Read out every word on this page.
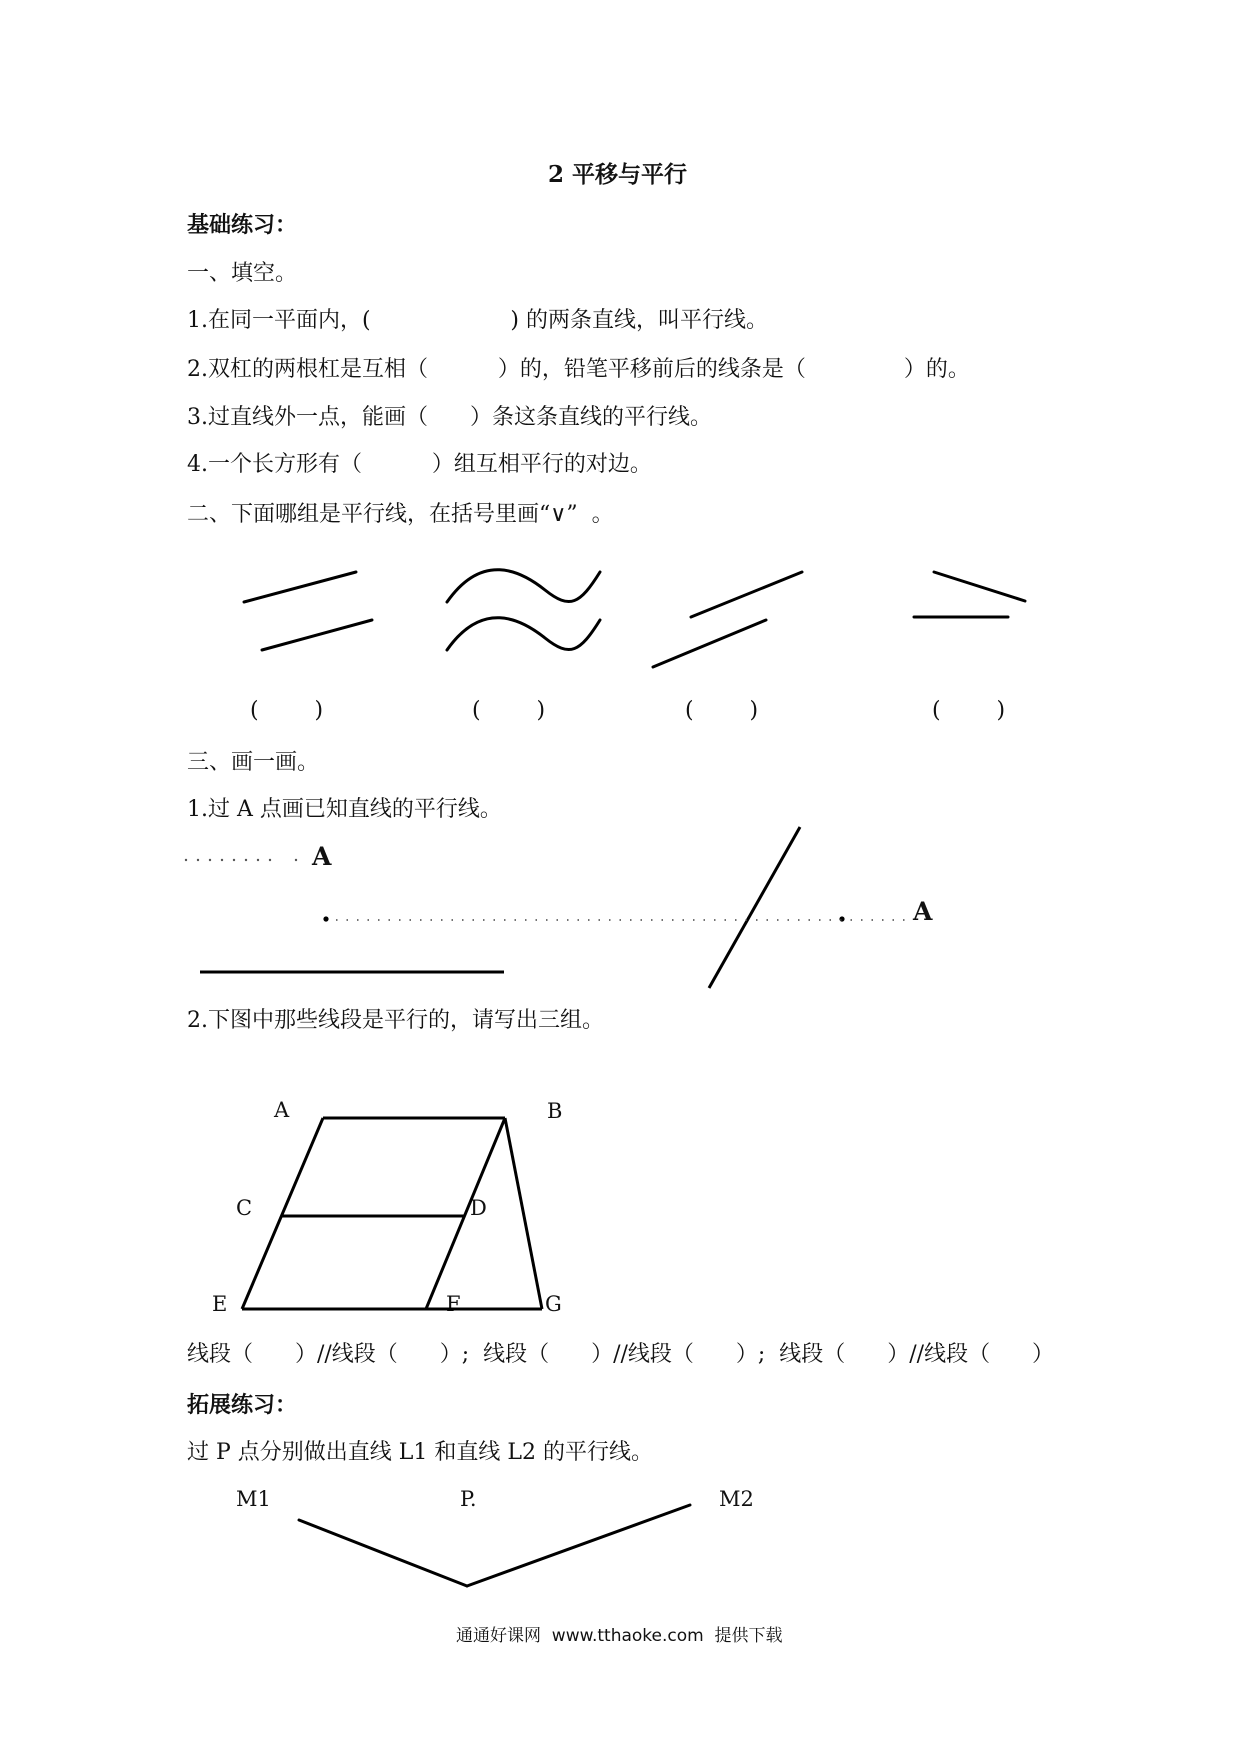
2 平移与平行
基础练习：
一、填空。
1.在同一平面内，(                    ) 的两条直线，叫平行线。
2.双杠的两根杠是互相（          ）的，铅笔平移前后的线条是（              ）的。
3.过直线外一点，能画（      ）条这条直线的平行线。
4.一个长方形有（          ）组互相平行的对边。
二、下面哪组是平行线，在括号里画“∨”  。
(        )	(        )	(        )	(        )
三、画一画。
1.过 A 点画已知直线的平行线。
A
A
2.下图中那些线段是平行的，请写出三组。
A	B
C	D
E	F	G
线段（      ）//线段（      ）;  线段（      ）//线段（      ）;  线段（      ）//线段（      ）
拓展练习：
过 P 点分别做出直线 L1 和直线 L2 的平行线。
M1	P.	M2
通通好课网  www.tthaoke.com  提供下载
